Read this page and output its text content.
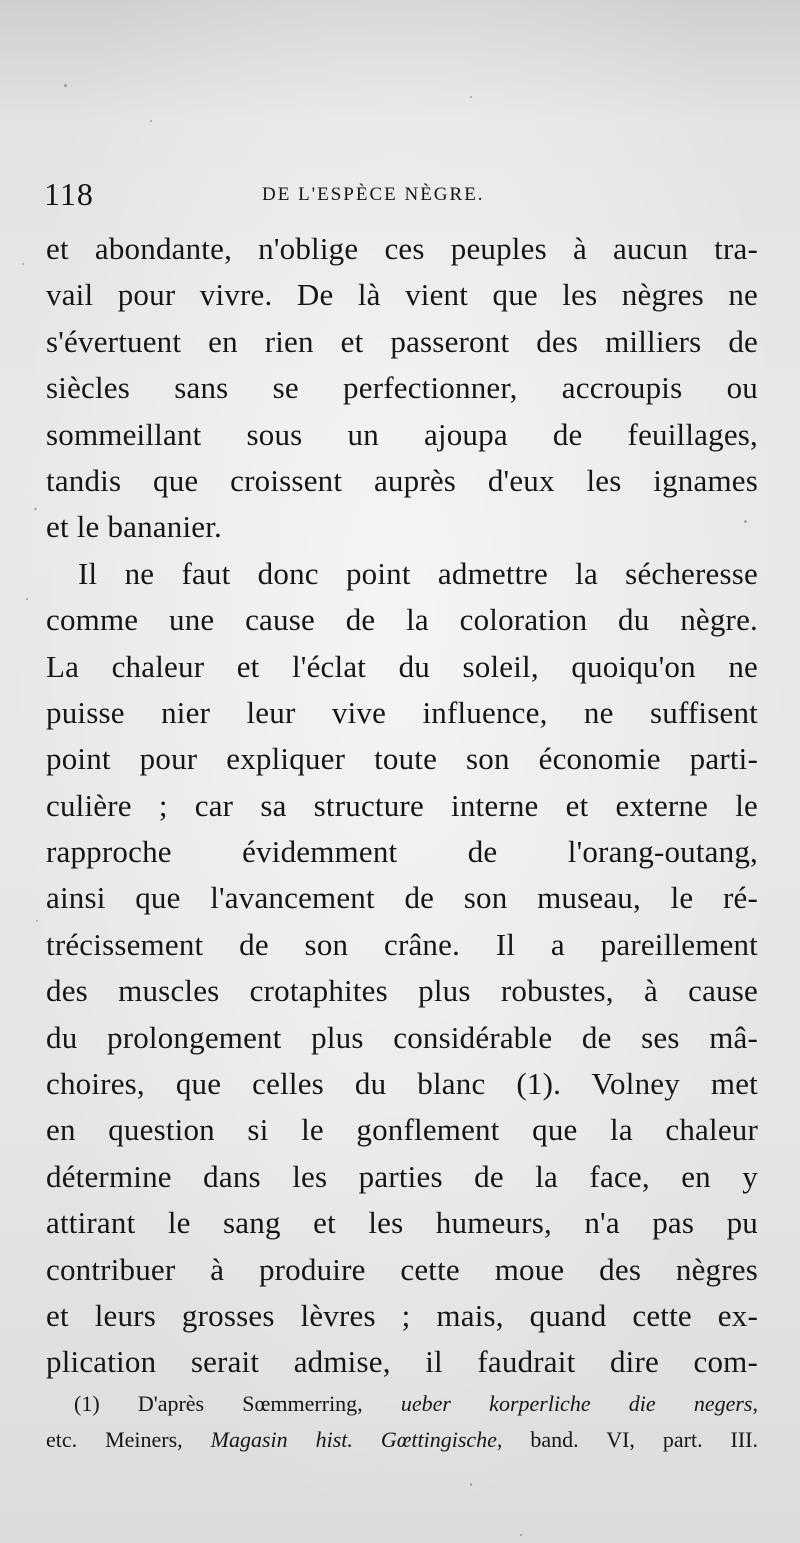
118	DE L'ESPÈCE NÈGRE.
et abondante, n'oblige ces peuples à aucun tra-
vail pour vivre. De là vient que les nègres ne
s'évertuent en rien et passeront des milliers de
siècles sans se perfectionner, accroupis ou
sommeillant sous un ajoupa de feuillages,
tandis que croissent auprès d'eux les ignames
et le bananier.
Il ne faut donc point admettre la sécheresse
comme une cause de la coloration du nègre.
La chaleur et l'éclat du soleil, quoiqu'on ne
puisse nier leur vive influence, ne suffisent
point pour expliquer toute son économie parti-
culière ; car sa structure interne et externe le
rapproche évidemment de l'orang-outang,
ainsi que l'avancement de son museau, le ré-
trécissement de son crâne. Il a pareillement
des muscles crotaphites plus robustes, à cause
du prolongement plus considérable de ses mâ-
choires, que celles du blanc (1). Volney met
en question si le gonflement que la chaleur
détermine dans les parties de la face, en y
attirant le sang et les humeurs, n'a pas pu
contribuer à produire cette moue des nègres
et leurs grosses lèvres ; mais, quand cette ex-
plication serait admise, il faudrait dire com-
(1) D'après Sœmmerring, ueber korperliche die negers,
etc. Meiners, Magasin hist. Gœttingische, band. VI, part. III.
